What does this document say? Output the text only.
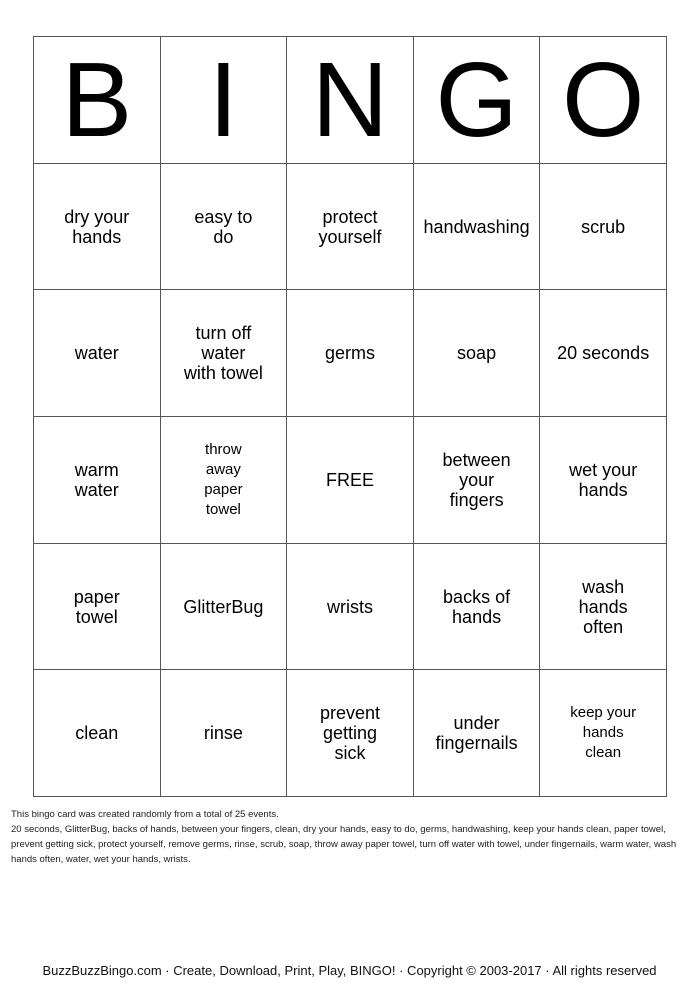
B	I	N	G	O

dry your
hands	easy to
do	protect
yourself	handwashing	scrub

water	turn off
water
with towel	germs	soap	20 seconds

warm
water	throw
away
paper
towel	FREE	between
your
fingers	wet your
hands

paper
towel	GlitterBug	wrists	backs of
hands	wash
hands
often

clean	rinse	prevent
getting
sick	under
fingernails	keep your
hands
clean
This bingo card was created randomly from a total of 25 events.
20 seconds, GlitterBug, backs of hands, between your fingers, clean, dry your hands, easy to do, germs, handwashing, keep your hands clean, paper towel, prevent getting sick, protect yourself, remove germs, rinse, scrub, soap, throw away paper towel, turn off water with towel, under fingernails, warm water, wash hands often, water, wet your hands, wrists.
BuzzBuzzBingo.com · Create, Download, Print, Play, BINGO! · Copyright © 2003-2017 · All rights reserved
